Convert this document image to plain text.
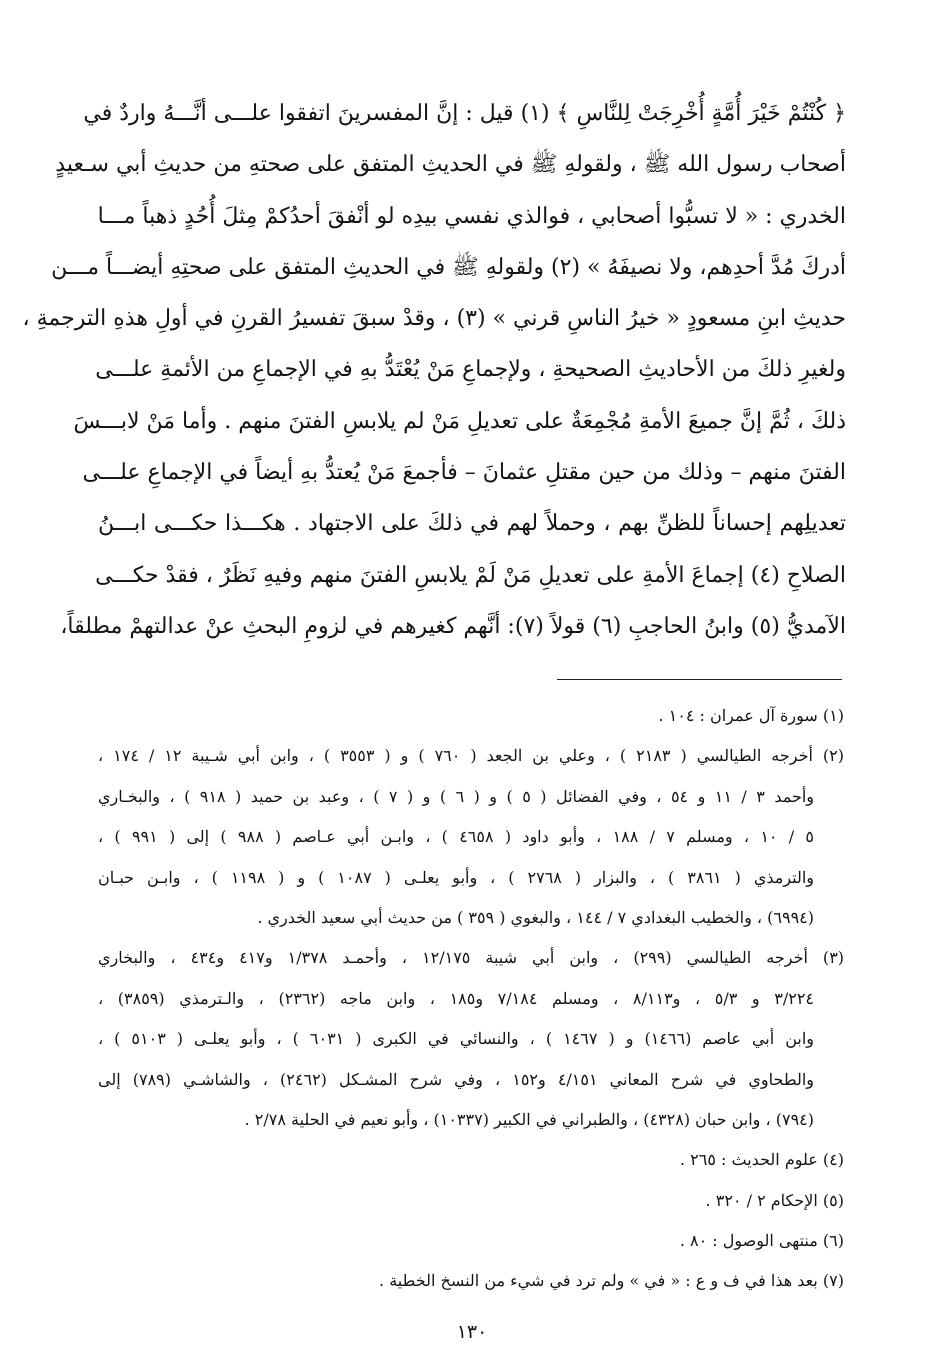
﴿ كُنْتُمْ خَيْرَ أُمَّةٍ أُخْرِجَتْ لِلنَّاسِ ﴾ (١) قيل : إنَّ المفسرينَ اتفقوا علـــى أنَّـــهُ واردٌ في
أصحاب رسول الله ﷺ ، ولقولهِ ﷺ في الحديثِ المتفق على صحتهِ من حديثِ أبي سـعيدٍ
الخدري : « لا تسبُّوا أصحابي ، فوالذي نفسي بيدِه لو أنْفقَ أحدُكمْ مِثلَ أُحُدٍ ذهباً مـــا
أدركَ مُدَّ أحدِهم، ولا نصيفَهُ » (٢) ولقولهِ ﷺ في الحديثِ المتفق على صحتِهِ أيضـــاً مـــن
حديثِ ابنِ مسعودٍ « خيرُ الناسِ قرني » (٣) ، وقدْ سبقَ تفسيرُ القرنِ في أولِ هذهِ الترجمةِ ،
ولغيرِ ذلكَ من الأحاديثِ الصحيحةِ ، ولإجماعِ مَنْ يُعْتَدُّ بهِ في الإجماعِ من الأئمةِ علـــى
ذلكَ ، ثُمَّ إنَّ جميعَ الأمةِ مُجْمِعَةٌ على تعديلِ مَنْ لم يلابسِ الفتنَ منهم . وأما مَنْ لابـــسَ
الفتنَ منهم – وذلك من حين مقتلِ عثمانَ – فأجمعَ مَنْ يُعتدُّ بهِ أيضاً في الإجماعِ علـــى
تعديلِهم إحساناً للظنِّ بهم ، وحملاً لهم في ذلكَ على الاجتهاد . هكـــذا حكـــى ابـــنُ
الصلاحِ (٤) إجماعَ الأمةِ على تعديلِ مَنْ لَمْ يلابسِ الفتنَ منهم وفيهِ نَظَرٌ ، فقدْ حكـــى
الآمديُّ (٥) وابنُ الحاجبِ (٦) قولاً (٧): أنَّهم كغيرهم في لزومِ البحثِ عنْ عدالتهمْ مطلقاً،
(١) سورة آل عمران : ١٠٤ .
(٢) أخرجه الطيالسي ( ٢١٨٣ ) ، وعلي بن الجعد ( ٧٦٠ ) و ( ٣٥٥٣ ) ، وابن أبي شـيبة ١٢ / ١٧٤ ،
وأحمد ٣ / ١١ و ٥٤ ، وفي الفضائل ( ٥ ) و ( ٦ ) و ( ٧ ) ، وعبد بن حميد ( ٩١٨ ) ، والبخـاري
٥ / ١٠ ، ومسلم ٧ / ١٨٨ ، وأبو داود ( ٤٦٥٨ ) ، وابـن أبي عـاصم ( ٩٨٨ ) إلى ( ٩٩١ ) ،
والترمذي ( ٣٨٦١ ) ، والبزار ( ٢٧٦٨ ) ، وأبو يعلـى ( ١٠٨٧ ) و ( ١١٩٨ ) ، وابـن حبـان
(٦٩٩٤) ، والخطيب البغدادي ٧ / ١٤٤ ، والبغوي ( ٣٥٩ ) من حديث أبي سعيد الخدري .
(٣) أخرجه الطيالسي (٢٩٩) ، وابن أبي شيبة ١٢/١٧٥ ، وأحمـد ١/٣٧٨ و٤١٧ و٤٣٤ ، والبخاري
٣/٢٢٤ و ٥/٣ ، و٨/١١٣ ، ومسلم ٧/١٨٤ و١٨٥ ، وابن ماجه (٢٣٦٢) ، والـترمذي (٣٨٥٩) ،
وابن أبي عاصم (١٤٦٦) و ( ١٤٦٧ ) ، والنسائي في الكبرى ( ٦٠٣١ ) ، وأبو يعلـى ( ٥١٠٣ ) ،
والطحاوي في شرح المعاني ٤/١٥١ و١٥٢ ، وفي شرح المشـكل (٢٤٦٢) ، والشاشـي (٧٨٩) إلى
(٧٩٤) ، وابن حبان (٤٣٢٨) ، والطبراني في الكبير (١٠٣٣٧) ، وأبو نعيم في الحلية ٢/٧٨ .
(٤) علوم الحديث : ٢٦٥ .
(٥) الإحكام ٢ / ٣٢٠ .
(٦) منتهى الوصول : ٨٠ .
(٧) بعد هذا في ف و ع : « في » ولم ترد في شيء من النسخ الخطية .
١٣٠
